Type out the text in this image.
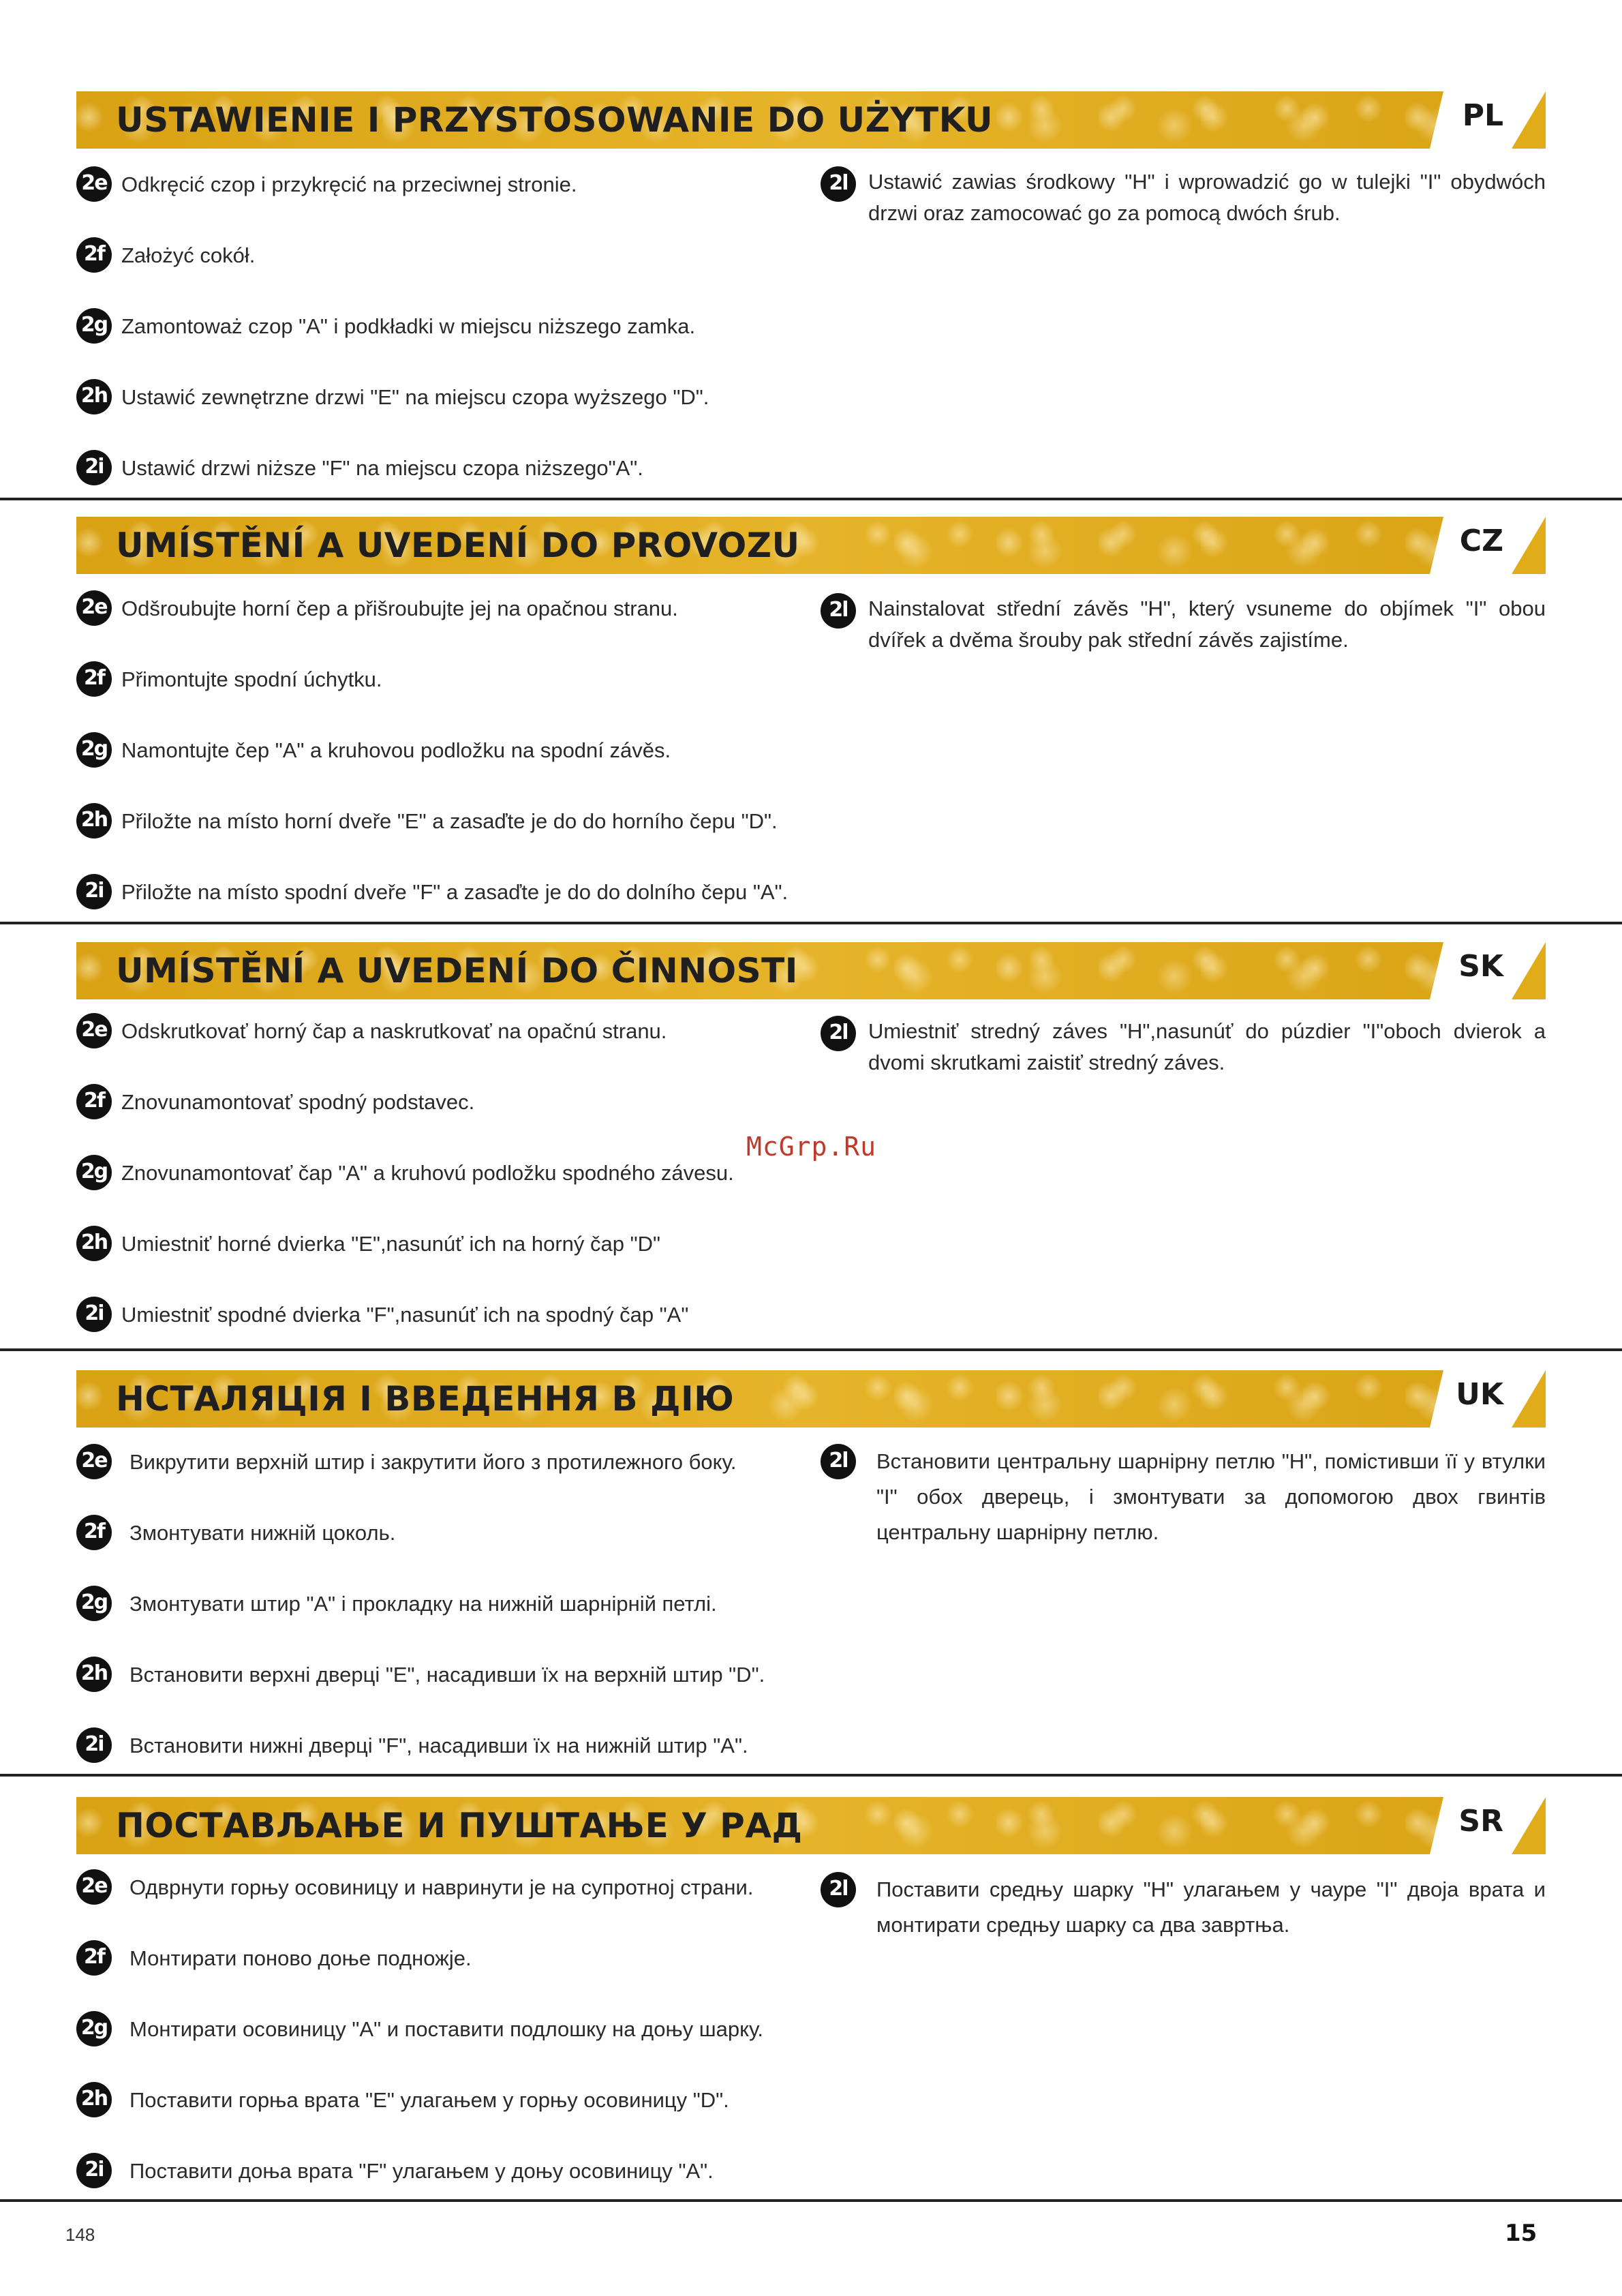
USTAWIENIE I PRZYSTOSOWANIE DO UŻYTKU	PL
2e Odkręcić czop i przykręcić na przeciwnej stronie.
2f Założyć cokół.
2g Zamontoważ czop "A" i podkładki w miejscu niższego zamka.
2h Ustawić zewnętrzne drzwi "E" na miejscu czopa wyższego "D".
2i Ustawić drzwi niższe "F" na miejscu czopa niższego"A".
2l Ustawić zawias środkowy "H" i wprowadzić go w tulejki "I" obydwóch drzwi oraz zamocować go za pomocą dwóch śrub.
UMÍSTĚNÍ A UVEDENÍ DO PROVOZU	CZ
2e Odšroubujte horní čep a přišroubujte jej na opačnou stranu.
2f Přimontujte spodní úchytku.
2g Namontujte čep "A" a kruhovou podložku na spodní závěs.
2h Přiložte na místo horní dveře "E" a zasaďte je do do horního čepu "D".
2i Přiložte na místo spodní dveře "F" a zasaďte je do do dolního čepu "A".
2l Nainstalovat střední závěs "H", který vsuneme do objímek "I" obou dvířek a dvěma šrouby pak střední závěs zajistíme.
UMÍSTĚNÍ A UVEDENÍ DO ČINNOSTI	SK
2e Odskrutkovať horný čap a naskrutkovať na opačnú stranu.
2f Znovunamontovať spodný podstavec.
2g Znovunamontovať čap "A" a kruhovú podložku spodného závesu.
2h Umiestniť horné dvierka "E",nasunúť ich na horný čap "D"
2i Umiestniť spodné dvierka "F",nasunúť ich na spodný čap "A"
2l Umiestniť stredný záves "H",nasunúť do púzdier "I"oboch dvierok a dvomi skrutkami zaistiť stredný záves.
НСТАЛЯЦІЯ І ВВЕДЕННЯ В ДІЮ	UK
2e Викрутити верхній штир і закрутити його з протилежного боку.
2f	Змонтувати нижній цоколь.
2g Змонтувати штир "A" і прокладку на нижній шарнірній петлі.
2h Встановити верхні дверці "E", насадивши їх на верхній штир "D".
2i	Встановити нижні дверці "F", насадивши їх на нижній штир "A".
2l	Встановити центральну шарнірну петлю "H", помістивши її у втулки "I" обох дверець, і змонтувати за допомогою двох гвинтів центральну шарнірну петлю.
ПОСТАВЉАЊЕ И ПУШТАЊЕ У РАД	SR
2e Одврнути горњу осовиницу и навринути је на супротној страни.
2f	Монтирати поново доње подножје.
2g Монтирати осовиницу "A" и поставити подлошку на доњу шарку.
2h Поставити горња врата "E" улагањем у горњу осовиницу "D".
2i	Поставити доња врата "F" улагањем у доњу осовиницу "A".
2l	Поставити средњу шарку "H" улагањем у чауре "I" двоја врата и монтирати средњу шарку са два завртња.
McGrp.Ru
148	15
